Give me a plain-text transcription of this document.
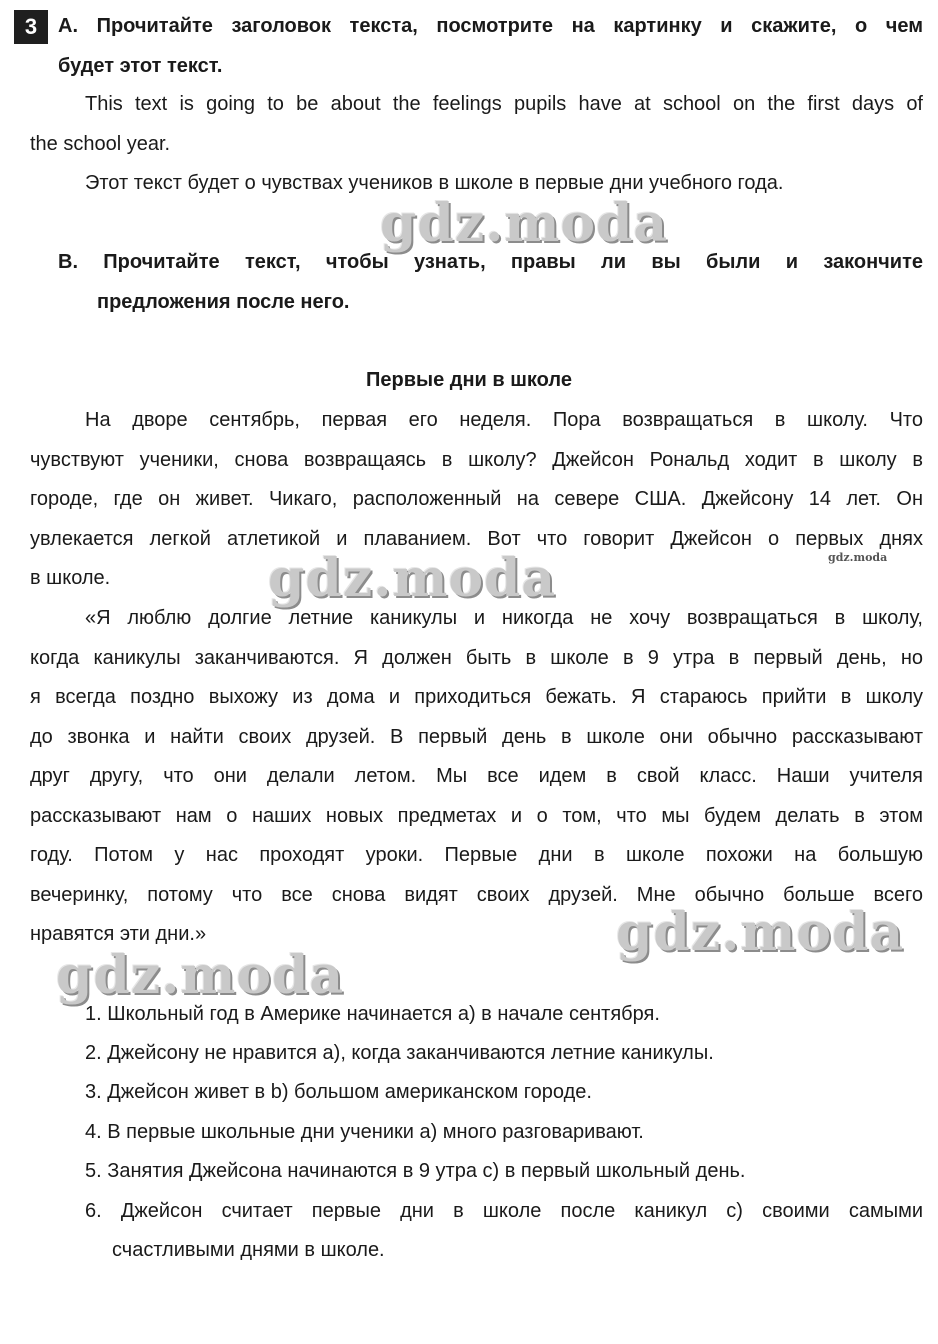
3	A. Прочитайте заголовок текста, посмотрите на картинку и скажите, о чем
будет этот текст.
This text is going to be about the feelings pupils have at school on the first days of
the school year.
Этот текст будет о чувствах учеников в школе в первые дни учебного года.
gdz.moda
B. Прочитайте текст, чтобы узнать, правы ли вы были и закончите
предложения после него.
Первые дни в школе
На дворе сентябрь, первая его неделя. Пора возвращаться в школу. Что
чувствуют ученики, снова возвращаясь в школу? Джейсон Рональд ходит в школу в
городе, где он живет. Чикаго, расположенный на севере США. Джейсону 14 лет. Он
увлекается легкой атлетикой и плаванием. Вот что говорит Джейсон о первых днях
в школе.
gdz.moda
gdz.moda
«Я люблю долгие летние каникулы и никогда не хочу возвращаться в школу,
когда каникулы заканчиваются. Я должен быть в школе в 9 утра в первый день, но
я всегда поздно выхожу из дома и приходиться бежать. Я стараюсь прийти в школу
до звонка и найти своих друзей. В первый день в школе они обычно рассказывают
друг другу, что они делали летом. Мы все идем в свой класс. Наши учителя
рассказывают нам о наших новых предметах и о том, что мы будем делать в этом
году. Потом у нас проходят уроки. Первые дни в школе похожи на большую
вечеринку, потому что все снова видят своих друзей. Мне обычно больше всего
нравятся эти дни.»	gdz.moda
gdz.moda
1. Школьный год в Америке начинается a) в начале сентября.
2. Джейсону не нравится a), когда заканчиваются летние каникулы.
3. Джейсон живет в b) большом американском городе.
4. В первые школьные дни ученики a) много разговаривают.
5. Занятия Джейсона начинаются в 9 утра c) в первый школьный день.
6. Джейсон считает первые дни в школе после каникул c) своими самыми
счастливыми днями в школе.
